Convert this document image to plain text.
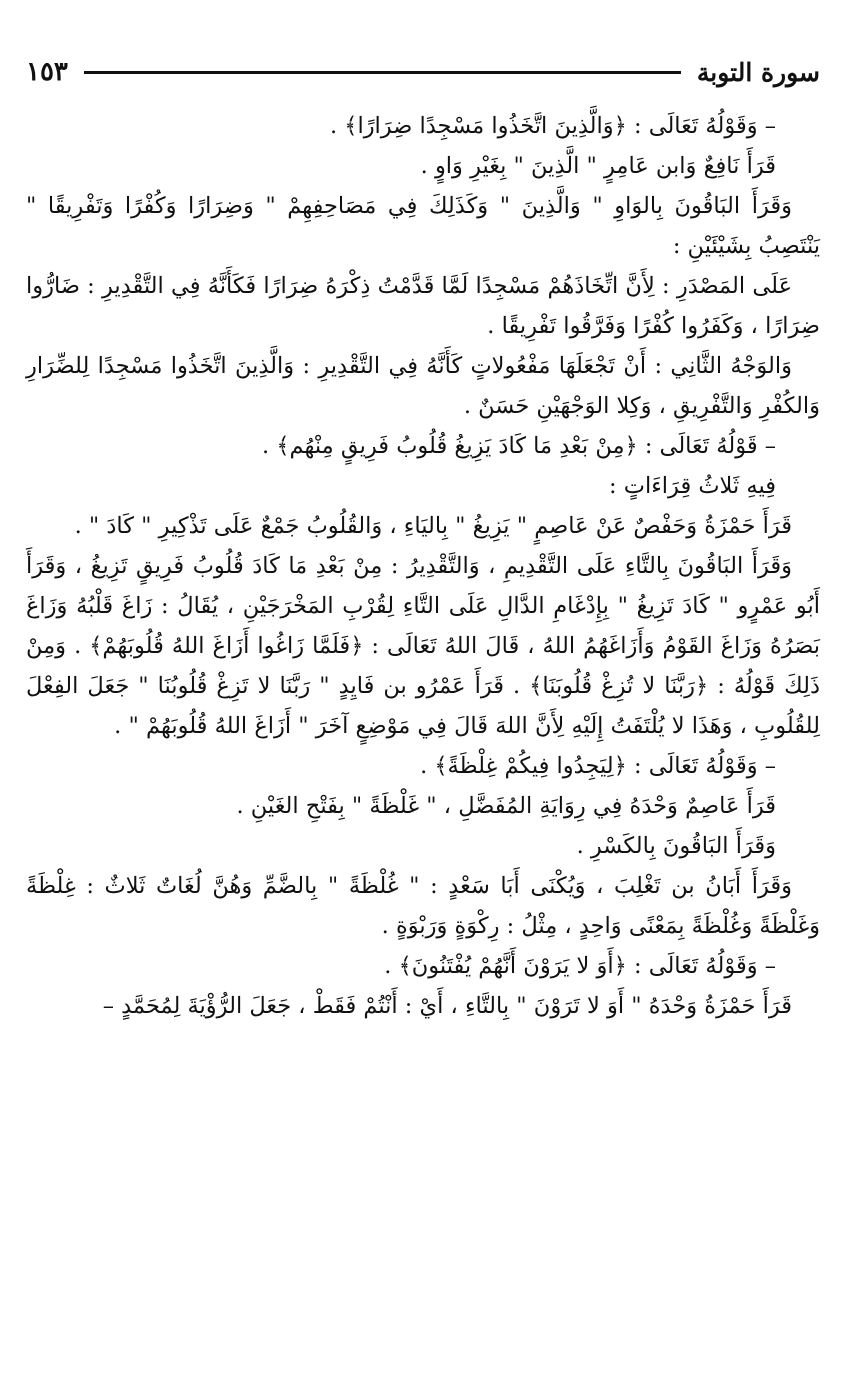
سورة التوبة
١٥٣

– وَقَوْلُهُ تَعَالَى : ﴿وَالَّذِينَ اتَّخَذُوا مَسْجِدًا ضِرَارًا﴾ .

قَرَأَ نَافِعٌ وَابن عَامِرٍ " الَّذِينَ " بِغَيْرِ وَاوٍ .

وَقَرَأَ البَاقُونَ بِالوَاوِ " وَالَّذِينَ " وَكَذَلِكَ فِي مَصَاحِفِهِمْ " وَضِرَارًا وَكُفْرًا وَتَفْرِيقًا " يَنْتَصِبُ بِشَيْئَيْنِ :

عَلَى المَصْدَرِ : لِأَنَّ اتِّخَاذَهُمْ مَسْجِدًا لَمَّا قَدَّمْتُ ذِكْرَهُ ضِرَارًا فَكَأَنَّهُ فِي التَّقْدِيرِ : ضَارُّوا ضِرَارًا ، وَكَفَرُوا كُفْرًا وَفَرَّقُوا تَفْرِيقًا .

وَالوَجْهُ الثَّانِي : أَنْ تَجْعَلَهَا مَفْعُولاتٍ كَأَنَّهُ فِي التَّقْدِيرِ : وَالَّذِينَ اتَّخَذُوا مَسْجِدًا لِلضِّرَارِ وَالكُفْرِ وَالتَّفْرِيقِ ، وَكِلا الوَجْهَيْنِ حَسَنٌ .

– قَوْلُهُ تَعَالَى : ﴿مِنْ بَعْدِ مَا كَادَ يَزِيغُ قُلُوبُ فَرِيقٍ مِنْهُم﴾ .

فِيهِ ثَلاثُ قِرَاءَاتٍ :

قَرَأَ حَمْزَةُ وَحَفْصٌ عَنْ عَاصِمٍ " يَزِيغُ " بِاليَاءِ ، وَالقُلُوبُ جَمْعٌ عَلَى تَذْكِيرِ " كَادَ " .

وَقَرَأَ البَاقُونَ بِالتَّاءِ عَلَى التَّقْدِيمِ ، وَالتَّقْدِيرُ : مِنْ بَعْدِ مَا كَادَ قُلُوبُ فَرِيقٍ تَزِيغُ ، وَقَرَأَ أَبُو عَمْرٍو " كَادَ تَزِيغُ " بِإِدْغَامِ الدَّالِ عَلَى التَّاءِ لِقُرْبِ المَخْرَجَيْنِ ، يُقَالُ : زَاغَ قَلْبُهُ وَزَاغَ بَصَرُهُ وَزَاغَ القَوْمُ وَأَزَاغَهُمُ اللهُ ، قَالَ اللهُ تَعَالَى : ﴿فَلَمَّا زَاغُوا أَزَاغَ اللهُ قُلُوبَهُمْ﴾ . وَمِنْ ذَلِكَ قَوْلُهُ : ﴿رَبَّنَا لا تُزِغْ قُلُوبَنَا﴾ . قَرَأَ عَمْرُو بن فَايِدٍ " رَبَّنَا لا تَزِغْ قُلُوبُنَا " جَعَلَ الفِعْلَ لِلقُلُوبِ ، وَهَذَا لا يُلْتَفَتُ إِلَيْهِ لِأَنَّ اللهَ قَالَ فِي مَوْضِعٍ آخَرَ " أَزَاغَ اللهُ قُلُوبَهُمْ " .

– وَقَوْلُهُ تَعَالَى : ﴿لِيَجِدُوا فِيكُمْ غِلْظَةً﴾ .

قَرَأَ عَاصِمٌ وَحْدَهُ فِي رِوَايَةِ المُفَضَّلِ ، " غَلْظَةً " بِفَتْحِ الغَيْنِ .

وَقَرَأَ البَاقُونَ بِالكَسْرِ .

وَقَرَأَ أَبَانُ بن تَغْلِبَ ، وَيُكْنَى أَبَا سَعْدٍ : " غُلْظَةً " بِالضَّمِّ وَهُنَّ لُغَاتٌ ثَلاثٌ : غِلْظَةً وَغَلْظَةً وَغُلْظَةً بِمَعْنًى وَاحِدٍ ، مِثْلُ : رِكْوَةٍ وَرَبْوَةٍ .

– وَقَوْلُهُ تَعَالَى : ﴿أَوَ لا يَرَوْنَ أَنَّهُمْ يُفْتَنُونَ﴾ .

قَرَأَ حَمْزَةُ وَحْدَهُ " أَوَ لا تَرَوْنَ " بِالتَّاءِ ، أَيْ : أَنْتُمْ فَقَطْ ، جَعَلَ الرُّؤْيَةَ لِمُحَمَّدٍ –
